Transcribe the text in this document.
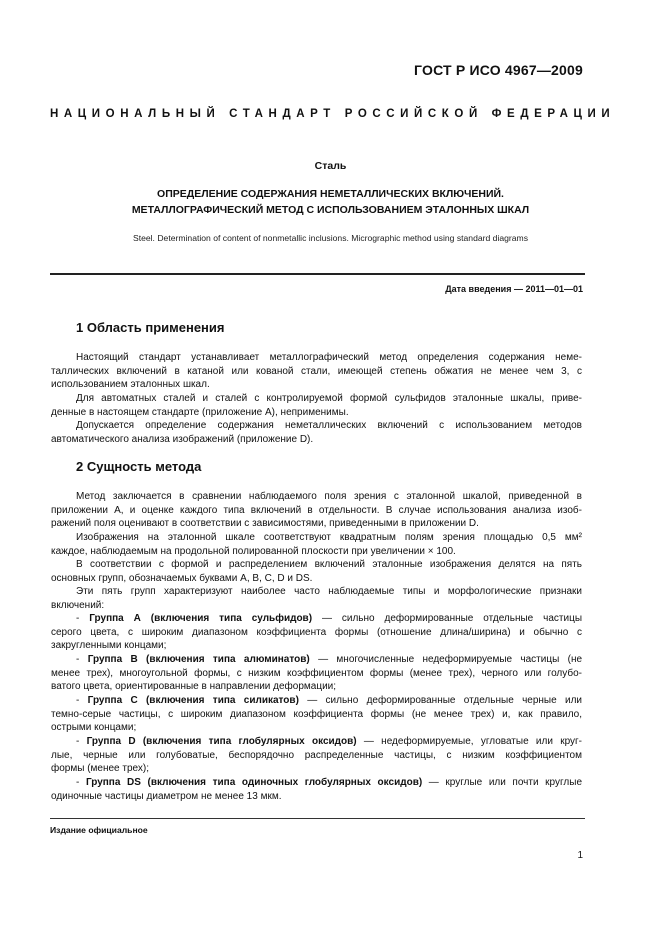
ГОСТ Р ИСО 4967—2009
НАЦИОНАЛЬНЫЙ СТАНДАРТ РОССИЙСКОЙ ФЕДЕРАЦИИ
Сталь
ОПРЕДЕЛЕНИЕ СОДЕРЖАНИЯ НЕМЕТАЛЛИЧЕСКИХ ВКЛЮЧЕНИЙ.
МЕТАЛЛОГРАФИЧЕСКИЙ МЕТОД С ИСПОЛЬЗОВАНИЕМ ЭТАЛОННЫХ ШКАЛ
Steel. Determination of content of nonmetallic inclusions. Micrographic method using standard diagrams
Дата введения — 2011—01—01
1 Область применения
Настоящий стандарт устанавливает металлографический метод определения содержания неме-
таллических включений в катаной или кованой стали, имеющей степень обжатия не менее чем 3, с
использованием эталонных шкал.
Для автоматных сталей и сталей с контролируемой формой сульфидов эталонные шкалы, приве-
денные в настоящем стандарте (приложение А), неприменимы.
Допускается определение содержания неметаллических включений с использованием методов
автоматического анализа изображений (приложение D).
2 Сущность метода
Метод заключается в сравнении наблюдаемого поля зрения с эталонной шкалой, приведенной в
приложении А, и оценке каждого типа включений в отдельности. В случае использования анализа изоб-
ражений поля оценивают в соответствии с зависимостями, приведенными в приложении D.
Изображения на эталонной шкале соответствуют квадратным полям зрения площадью 0,5 мм²
каждое, наблюдаемым на продольной полированной плоскости при увеличении × 100.
В соответствии с формой и распределением включений эталонные изображения делятся на пять
основных групп, обозначаемых буквами А, В, С, D и DS.
Эти пять групп характеризуют наиболее часто наблюдаемые типы и морфологические признаки
включений:
- Группа А (включения типа сульфидов) — сильно деформированные отдельные частицы
серого цвета, с широким диапазоном коэффициента формы (отношение длина/ширина) и обычно с
закругленными концами;
- Группа В (включения типа алюминатов) — многочисленные недеформируемые частицы (не
менее трех), многоугольной формы, с низким коэффициентом формы (менее трех), черного или голубо-
ватого цвета, ориентированные в направлении деформации;
- Группа С (включения типа силикатов) — сильно деформированные отдельные черные или
темно-серые частицы, с широким диапазоном коэффициента формы (не менее трех) и, как правило,
острыми концами;
- Группа D (включения типа глобулярных оксидов) — недеформируемые, угловатые или круг-
лые, черные или голубоватые, беспорядочно распределенные частицы, с низким коэффициентом
формы (менее трех);
- Группа DS (включения типа одиночных глобулярных оксидов) — круглые или почти круглые
одиночные частицы диаметром не менее 13 мкм.
Издание официальное
1
